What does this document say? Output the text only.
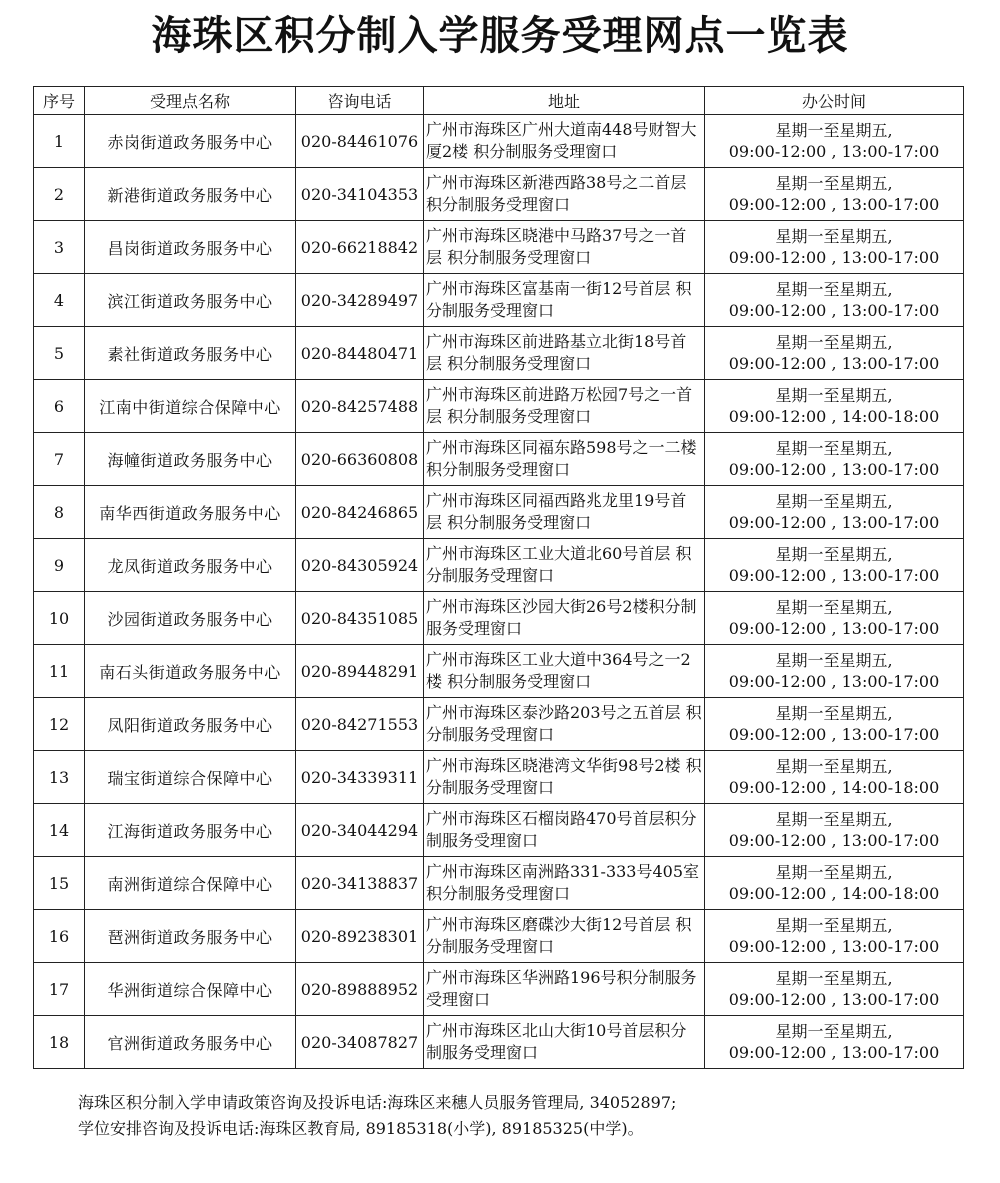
海珠区积分制入学服务受理网点一览表
序号	受理点名称	咨询电话	地址	办公时间
1	赤岗街道政务服务中心	020-84461076	广州市海珠区广州大道南448号财智大厦2楼 积分制服务受理窗口	星期一至星期五,
09:00-12:00 , 13:00-17:00

2	新港街道政务服务中心	020-34104353	广州市海珠区新港西路38号之二首层 积分制服务受理窗口	星期一至星期五,
09:00-12:00 , 13:00-17:00

3	昌岗街道政务服务中心	020-66218842	广州市海珠区晓港中马路37号之一首层 积分制服务受理窗口	星期一至星期五,
09:00-12:00 , 13:00-17:00

4	滨江街道政务服务中心	020-34289497	广州市海珠区富基南一街12号首层 积分制服务受理窗口	星期一至星期五,
09:00-12:00 , 13:00-17:00

5	素社街道政务服务中心	020-84480471	广州市海珠区前进路基立北街18号首层 积分制服务受理窗口	星期一至星期五,
09:00-12:00 , 13:00-17:00

6	江南中街道综合保障中心	020-84257488	广州市海珠区前进路万松园7号之一首层 积分制服务受理窗口	星期一至星期五,
09:00-12:00 , 14:00-18:00

7	海幢街道政务服务中心	020-66360808	广州市海珠区同福东路598号之一二楼 积分制服务受理窗口	星期一至星期五,
09:00-12:00 , 13:00-17:00

8	南华西街道政务服务中心	020-84246865	广州市海珠区同福西路兆龙里19号首层 积分制服务受理窗口	星期一至星期五,
09:00-12:00 , 13:00-17:00

9	龙凤街道政务服务中心	020-84305924	广州市海珠区工业大道北60号首层 积分制服务受理窗口	星期一至星期五,
09:00-12:00 , 13:00-17:00

10	沙园街道政务服务中心	020-84351085	广州市海珠区沙园大街26号2楼积分制服务受理窗口	星期一至星期五,
09:00-12:00 , 13:00-17:00

11	南石头街道政务服务中心	020-89448291	广州市海珠区工业大道中364号之一2楼 积分制服务受理窗口	星期一至星期五,
09:00-12:00 , 13:00-17:00

12	凤阳街道政务服务中心	020-84271553	广州市海珠区泰沙路203号之五首层 积分制服务受理窗口	星期一至星期五,
09:00-12:00 , 13:00-17:00

13	瑞宝街道综合保障中心	020-34339311	广州市海珠区晓港湾文华街98号2楼 积分制服务受理窗口	星期一至星期五,
09:00-12:00 , 14:00-18:00

14	江海街道政务服务中心	020-34044294	广州市海珠区石榴岗路470号首层积分制服务受理窗口	星期一至星期五,
09:00-12:00 , 13:00-17:00

15	南洲街道综合保障中心	020-34138837	广州市海珠区南洲路331-333号405室 积分制服务受理窗口	星期一至星期五,
09:00-12:00 , 14:00-18:00

16	琶洲街道政务服务中心	020-89238301	广州市海珠区磨碟沙大街12号首层 积分制服务受理窗口	星期一至星期五,
09:00-12:00 , 13:00-17:00

17	华洲街道综合保障中心	020-89888952	广州市海珠区华洲路196号积分制服务受理窗口	星期一至星期五,
09:00-12:00 , 13:00-17:00

18	官洲街道政务服务中心	020-34087827	广州市海珠区北山大街10号首层积分制服务受理窗口	星期一至星期五,
09:00-12:00 , 13:00-17:00
海珠区积分制入学申请政策咨询及投诉电话:海珠区来穗人员服务管理局, 34052897;
学位安排咨询及投诉电话:海珠区教育局, 89185318(小学), 89185325(中学)。
